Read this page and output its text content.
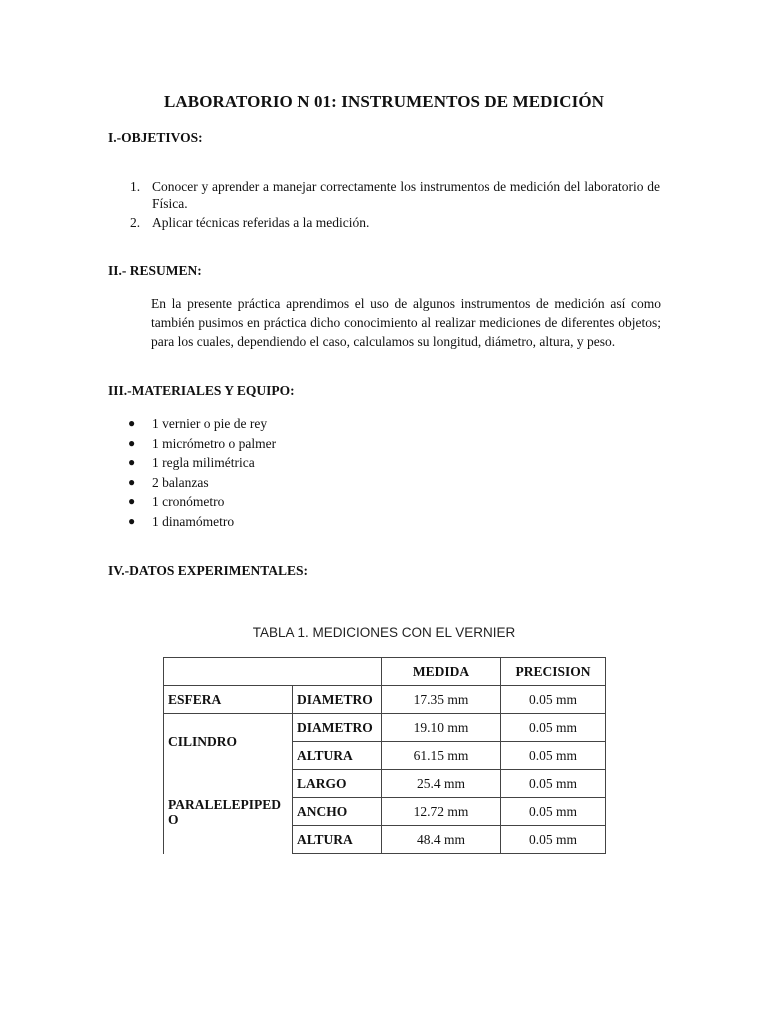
LABORATORIO N 01: INSTRUMENTOS DE MEDICIÓN
I.-OBJETIVOS:
1. Conocer y aprender a manejar correctamente los instrumentos de medición del laboratorio de Física.
2. Aplicar técnicas referidas a la medición.
II.- RESUMEN:
En la presente práctica aprendimos el uso de algunos instrumentos de medición así como también pusimos en práctica dicho conocimiento al realizar mediciones de diferentes objetos; para los cuales, dependiendo el caso, calculamos su longitud, diámetro, altura, y peso.
III.-MATERIALES Y EQUIPO:
●	1 vernier o pie de rey
●	1 micrómetro o palmer
●	1 regla milimétrica
●	2 balanzas
●	1 cronómetro
●	1 dinamómetro
IV.-DATOS EXPERIMENTALES:
TABLA 1. MEDICIONES CON EL VERNIER
		MEDIDA	PRECISION
ESFERA	DIAMETRO	17.35 mm	0.05 mm
CILINDRO	DIAMETRO	19.10 mm	0.05 mm
	ALTURA	61.15 mm	0.05 mm
PARALELEPIPED O	LARGO	25.4 mm	0.05 mm
	ANCHO	12.72 mm	0.05 mm
	ALTURA	48.4 mm	0.05 mm
